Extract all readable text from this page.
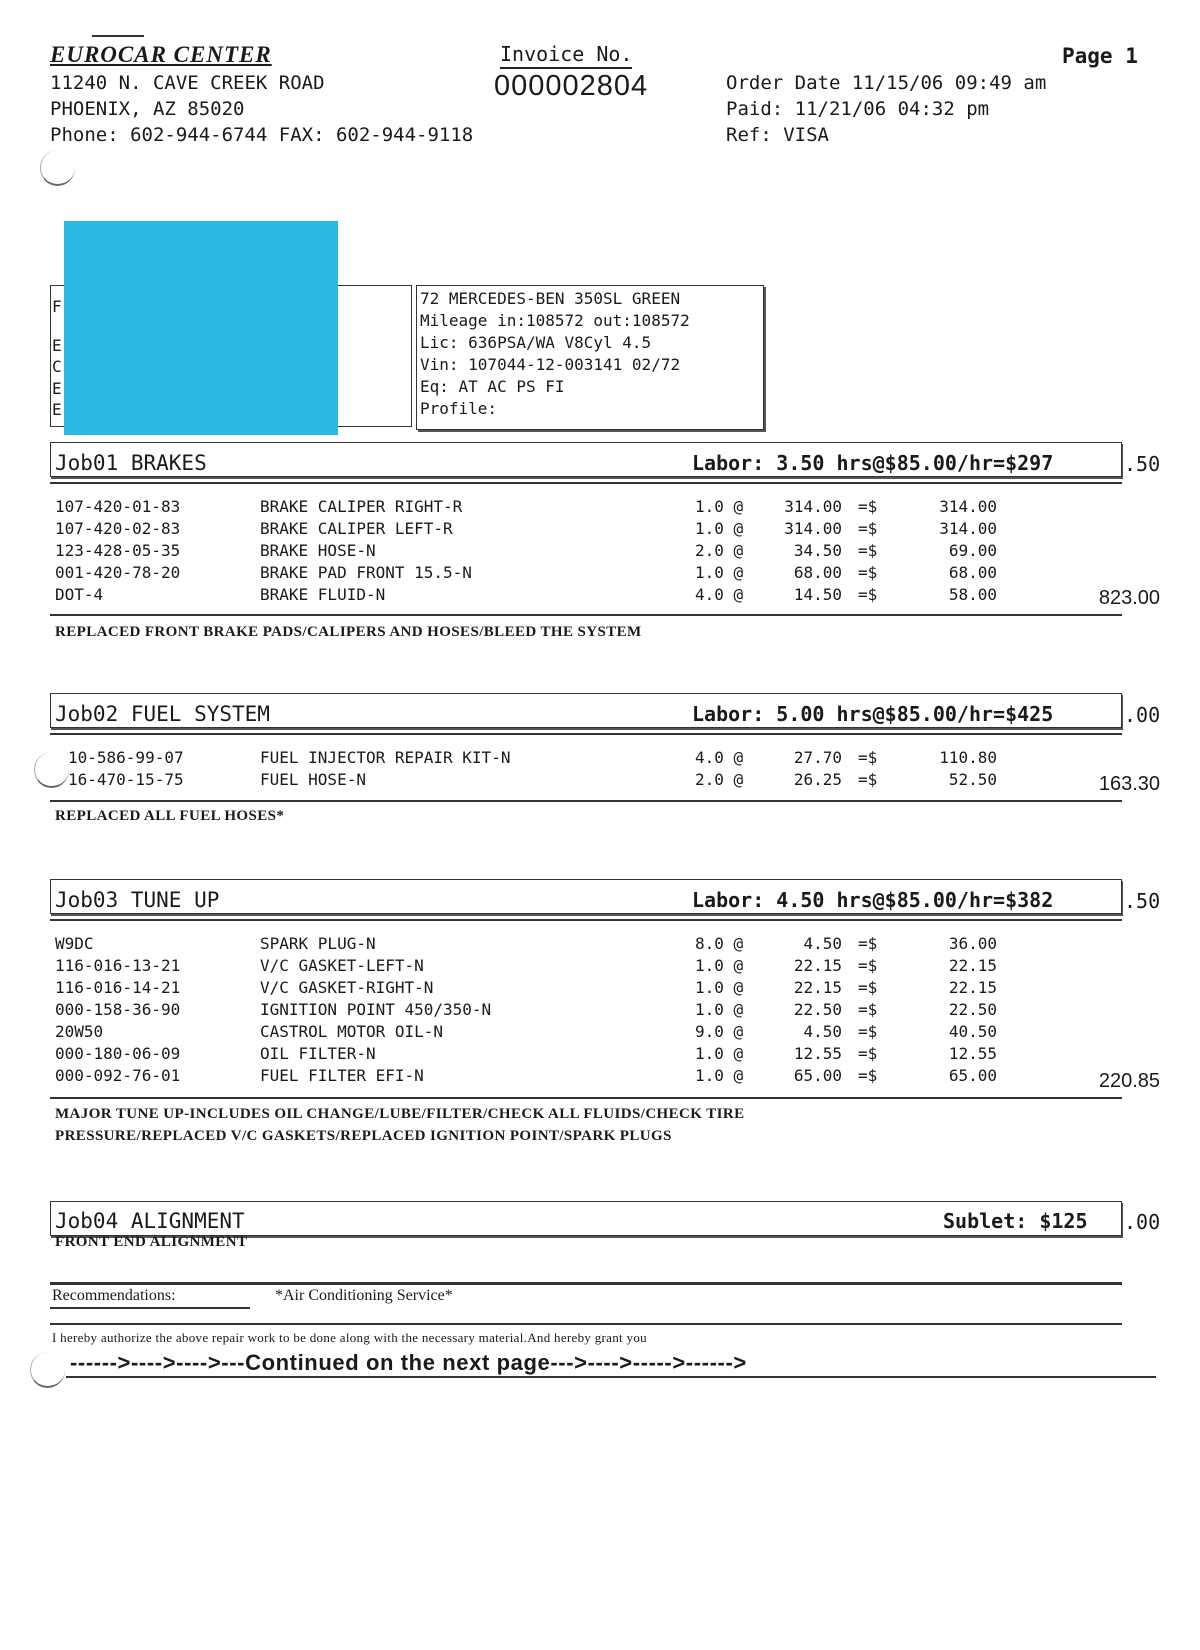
EUROCAR CENTER
11240 N. CAVE CREEK ROAD
PHOENIX, AZ 85020
Phone: 602-944-6744 FAX: 602-944-9118
Invoice No.
000002804
Page 1
Order Date 11/15/06 09:49 am
Paid: 11/21/06 04:32 pm
Ref: VISA
F
E
C
E
E
72 MERCEDES-BEN 350SL GREEN
Mileage in:108572 out:108572
Lic: 636PSA/WA V8Cyl 4.5
Vin: 107044-12-003141 02/72
Eq: AT AC PS FI
Profile:
Job01 BRAKES	Labor: 3.50 hrs@$85.00/hr=$297	.50
107-420-01-83	BRAKE CALIPER RIGHT-R	1.0 @	314.00 =$	314.00
107-420-02-83	BRAKE CALIPER LEFT-R	1.0 @	314.00 =$	314.00
123-428-05-35	BRAKE HOSE-N	2.0 @	34.50 =$	69.00
001-420-78-20	BRAKE PAD FRONT 15.5-N	1.0 @	68.00 =$	68.00
DOT-4	BRAKE FLUID-N	4.0 @	14.50 =$	58.00	823.00
REPLACED FRONT BRAKE PADS/CALIPERS AND HOSES/BLEED THE SYSTEM
Job02 FUEL SYSTEM	Labor: 5.00 hrs@$85.00/hr=$425	.00
10-586-99-07	FUEL INJECTOR REPAIR KIT-N	4.0 @	27.70 =$	110.80
16-470-15-75	FUEL HOSE-N	2.0 @	26.25 =$	52.50	163.30
REPLACED ALL FUEL HOSES*
Job03 TUNE UP	Labor: 4.50 hrs@$85.00/hr=$382	.50
W9DC	SPARK PLUG-N	8.0 @	4.50 =$	36.00
116-016-13-21	V/C GASKET-LEFT-N	1.0 @	22.15 =$	22.15
116-016-14-21	V/C GASKET-RIGHT-N	1.0 @	22.15 =$	22.15
000-158-36-90	IGNITION POINT 450/350-N	1.0 @	22.50 =$	22.50
20W50	CASTROL MOTOR OIL-N	9.0 @	4.50 =$	40.50
000-180-06-09	OIL FILTER-N	1.0 @	12.55 =$	12.55
000-092-76-01	FUEL FILTER EFI-N	1.0 @	65.00 =$	65.00	220.85
MAJOR TUNE UP-INCLUDES OIL CHANGE/LUBE/FILTER/CHECK ALL FLUIDS/CHECK TIRE
PRESSURE/REPLACED V/C GASKETS/REPLACED IGNITION POINT/SPARK PLUGS
Job04 ALIGNMENT	Sublet: $125 .00
FRONT END ALIGNMENT
Recommendations:	*Air Conditioning Service*
I hereby authorize the above repair work to be done along with the necessary material.And hereby grant you
------>---->---->---Continued on the next page--->---->----->------>
